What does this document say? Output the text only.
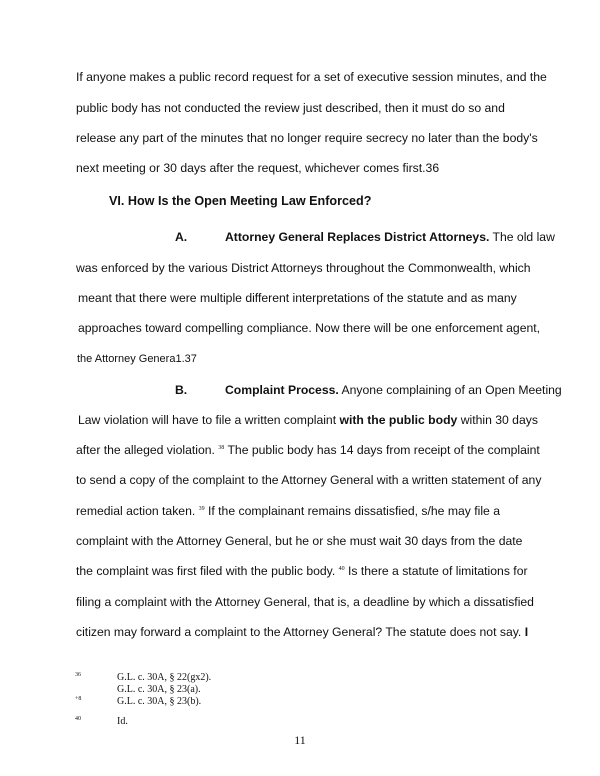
If anyone makes a public record request for a set of executive session minutes, and the
public body has not conducted the review just described, then it must do so and
release any part of the minutes that no longer require secrecy no later than the body's
next meeting or 30 days after the request, whichever comes first.36
VI. How Is the Open Meeting Law Enforced?
A.	Attorney General Replaces District Attorneys. The old law
was enforced by the various District Attorneys throughout the Commonwealth, which
meant that there were multiple different interpretations of the statute and as many
approaches toward compelling compliance. Now there will be one enforcement agent,
the Attorney Genera1.37
B.	Complaint Process. Anyone complaining of an Open Meeting
Law violation will have to file a written complaint with the public body within 30 days
after the alleged violation. $^{38}$ The public body has 14 days from receipt of the complaint
to send a copy of the complaint to the Attorney General with a written statement of any
remedial action taken. $^{39}$ If the complainant remains dissatisfied, s/he may file a
complaint with the Attorney General, but he or she must wait 30 days from the date
the complaint was first filed with the public body. $^{40}$ Is there a statute of limitations for
filing a complaint with the Attorney General, that is, a deadline by which a dissatisfied
citizen may forward a complaint to the Attorney General? The statute does not say. I
36	G.L. c. 30A, § 22(gx2).
G.L. c. 30A, § 23(a).
+8	G.L. c. 30A, § 23(b).
40	Id.
11
